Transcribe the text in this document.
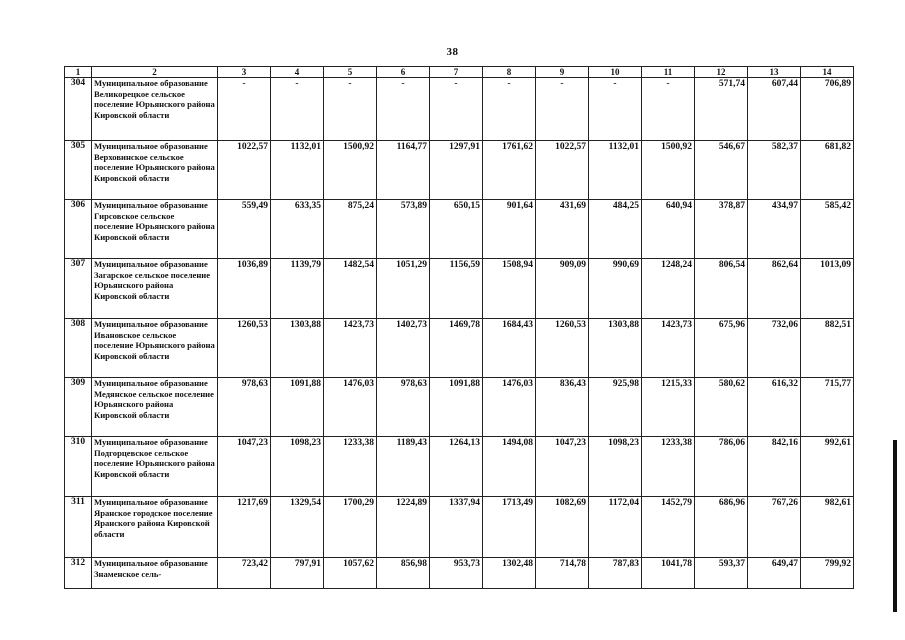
38
1	2	3	4	5	6	7	8	9	10	11	12	13	14
304	Муниципальное образование Великорецкое сельское поселение Юрьянского района Кировской области	-	-	-	-	-	-	-	-	-	571,74	607,44	706,89
305	Муниципальное образование Верховинское сельское поселение Юрьянского района Кировской области	1022,57	1132,01	1500,92	1164,77	1297,91	1761,62	1022,57	1132,01	1500,92	546,67	582,37	681,82
306	Муниципальное образование Гирсовское сельское поселение Юрьянского района Кировской области	559,49	633,35	875,24	573,89	650,15	901,64	431,69	484,25	640,94	378,87	434,97	585,42
307	Муниципальное образование Загарское сельское поселение Юрьянского района Кировской области	1036,89	1139,79	1482,54	1051,29	1156,59	1508,94	909,09	990,69	1248,24	806,54	862,64	1013,09
308	Муниципальное образование Ивановское сельское поселение Юрьянского района Кировской области	1260,53	1303,88	1423,73	1402,73	1469,78	1684,43	1260,53	1303,88	1423,73	675,96	732,06	882,51
309	Муниципальное образование Медянское сельское поселение Юрьянского района Кировской области	978,63	1091,88	1476,03	978,63	1091,88	1476,03	836,43	925,98	1215,33	580,62	616,32	715,77
310	Муниципальное образование Подгорцевское сельское поселение Юрьянского района Кировской области	1047,23	1098,23	1233,38	1189,43	1264,13	1494,08	1047,23	1098,23	1233,38	786,06	842,16	992,61
311	Муниципальное образование Яранское городское поселение Яранского района Кировской области	1217,69	1329,54	1700,29	1224,89	1337,94	1713,49	1082,69	1172,04	1452,79	686,96	767,26	982,61
312	Муниципальное образование Знаменское сель-	723,42	797,91	1057,62	856,98	953,73	1302,48	714,78	787,83	1041,78	593,37	649,47	799,92
